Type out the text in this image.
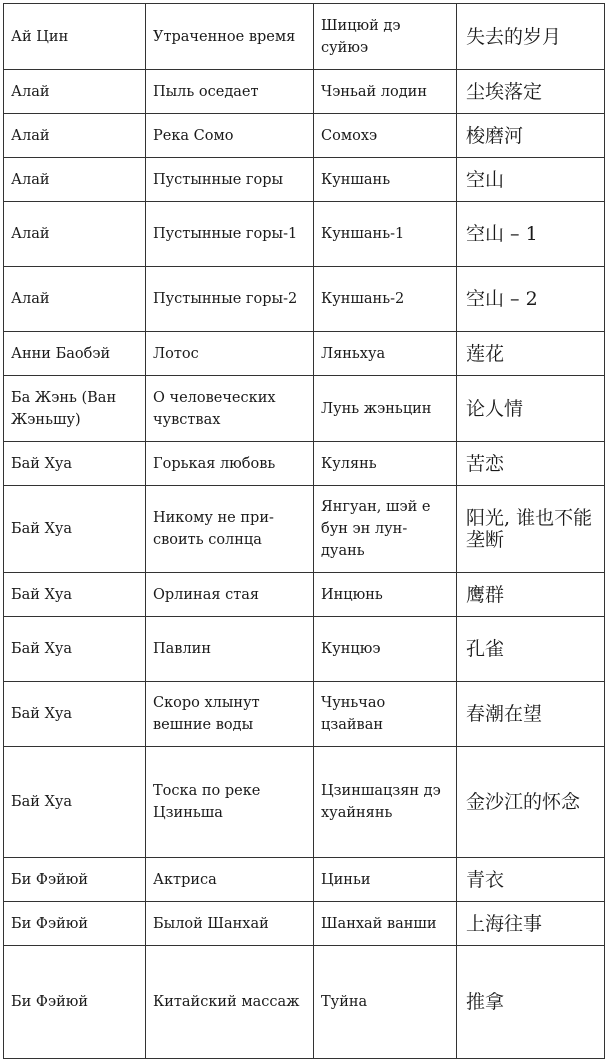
Ай Цин	Утраченное время	Шицюй дэ суйюэ	失去的岁月
Алай	Пыль оседает	Чэньай лодин	尘埃落定
Алай	Река Сомо	Сомохэ	梭磨河
Алай	Пустынные горы	Куншань	空山
Алай	Пустынные горы-1	Куншань-1	空山 – 1
Алай	Пустынные горы-2	Куншань-2	空山 – 2
Анни Баобэй	Лотос	Ляньхуа	莲花
Ба Жэнь (Ван Жэньшу)	О человеческих чувствах	Лунь жэньцин	论人情
Бай Хуа	Горькая любовь	Кулянь	苦恋
Бай Хуа	Никому не при-своить солнца	Янгуан, шэй е бун эн лун-дуань	阳光, 谁也不能垄断
Бай Хуа	Орлиная стая	Инцюнь	鹰群
Бай Хуа	Павлин	Кунцюэ	孔雀
Бай Хуа	Скоро хлынут вешние воды	Чуньчао цзайван	春潮在望
Бай Хуа	Тоска по реке Цзиньша	Цзиншацзян дэ хуайнянь	金沙江的怀念
Би Фэйюй	Актриса	Циньи	青衣
Би Фэйюй	Былой Шанхай	Шанхай ванши	上海往事
Би Фэйюй	Китайский массаж	Туйна	推拿
